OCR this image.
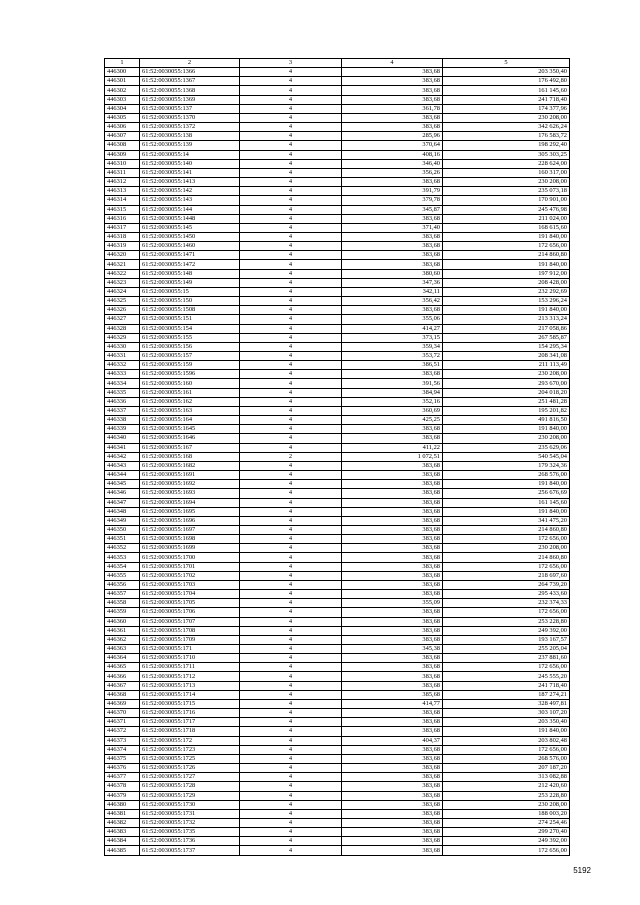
1	2	3	4	5
446300	61:52:0030055:1366	4	383,68	203 350,40
446301	61:52:0030055:1367	4	383,68	176 492,80
446302	61:52:0030055:1368	4	383,68	161 145,60
446303	61:52:0030055:1369	4	383,68	241 718,40
446304	61:52:0030055:137	4	361,78	174 377,96
446305	61:52:0030055:1370	4	383,68	230 208,00
446306	61:52:0030055:1372	4	383,68	342 626,24
446307	61:52:0030055:138	4	285,96	176 583,72
446308	61:52:0030055:139	4	370,64	198 292,40
446309	61:52:0030055:14	4	408,16	305 303,25
446310	61:52:0030055:140	4	346,40	228 624,00
446311	61:52:0030055:141	4	356,26	160 317,00
446312	61:52:0030055:1413	4	383,68	230 208,00
446313	61:52:0030055:142	4	391,79	235 073,18
446314	61:52:0030055:143	4	379,78	170 901,00
446315	61:52:0030055:144	4	345,87	245 476,98
446316	61:52:0030055:1448	4	383,68	211 024,00
446317	61:52:0030055:145	4	371,40	168 615,60
446318	61:52:0030055:1450	4	383,68	191 840,00
446319	61:52:0030055:1460	4	383,68	172 656,00
446320	61:52:0030055:1471	4	383,68	214 860,80
446321	61:52:0030055:1472	4	383,68	191 840,00
446322	61:52:0030055:148	4	380,60	197 912,00
446323	61:52:0030055:149	4	347,36	208 428,00
446324	61:52:0030055:15	4	342,11	232 292,69
446325	61:52:0030055:150	4	356,42	153 296,24
446326	61:52:0030055:1508	4	383,68	191 840,00
446327	61:52:0030055:151	4	355,06	213 313,24
446328	61:52:0030055:154	4	414,27	217 058,86
446329	61:52:0030055:155	4	373,15	267 585,87
446330	61:52:0030055:156	4	359,34	154 295,34
446331	61:52:0030055:157	4	353,72	208 341,08
446332	61:52:0030055:159	4	386,51	211 113,49
446333	61:52:0030055:1596	4	383,68	230 208,00
446334	61:52:0030055:160	4	391,56	293 670,00
446335	61:52:0030055:161	4	384,94	204 018,20
446336	61:52:0030055:162	4	352,16	251 481,28
446337	61:52:0030055:163	4	360,69	195 201,82
446338	61:52:0030055:164	4	425,25	491 816,50
446339	61:52:0030055:1645	4	383,68	191 840,00
446340	61:52:0030055:1646	4	383,68	230 208,00
446341	61:52:0030055:167	4	411,22	235 629,06
446342	61:52:0030055:168	2	1 072,51	540 545,04
446343	61:52:0030055:1682	4	383,68	179 324,36
446344	61:52:0030055:1691	4	383,68	268 576,00
446345	61:52:0030055:1692	4	383,68	191 840,00
446346	61:52:0030055:1693	4	383,68	256 676,69
446347	61:52:0030055:1694	4	383,68	161 145,60
446348	61:52:0030055:1695	4	383,68	191 840,00
446349	61:52:0030055:1696	4	383,68	341 475,20
446350	61:52:0030055:1697	4	383,68	214 860,80
446351	61:52:0030055:1698	4	383,68	172 656,00
446352	61:52:0030055:1699	4	383,68	230 208,00
446353	61:52:0030055:1700	4	383,68	214 860,80
446354	61:52:0030055:1701	4	383,68	172 656,00
446355	61:52:0030055:1702	4	383,68	218 697,60
446356	61:52:0030055:1703	4	383,68	264 739,20
446357	61:52:0030055:1704	4	383,68	295 433,60
446358	61:52:0030055:1705	4	355,09	232 374,33
446359	61:52:0030055:1706	4	383,68	172 656,00
446360	61:52:0030055:1707	4	383,68	253 228,80
446361	61:52:0030055:1708	4	383,68	249 392,00
446362	61:52:0030055:1709	4	383,68	193 167,57
446363	61:52:0030055:171	4	345,38	255 205,04
446364	61:52:0030055:1710	4	383,68	237 881,60
446365	61:52:0030055:1711	4	383,68	172 656,00
446366	61:52:0030055:1712	4	383,68	245 555,20
446367	61:52:0030055:1713	4	383,68	241 718,40
446368	61:52:0030055:1714	4	385,68	187 274,21
446369	61:52:0030055:1715	4	414,77	328 497,81
446370	61:52:0030055:1716	4	383,68	303 107,20
446371	61:52:0030055:1717	4	383,68	203 350,40
446372	61:52:0030055:1718	4	383,68	191 840,00
446373	61:52:0030055:172	4	404,37	203 802,48
446374	61:52:0030055:1723	4	383,68	172 656,00
446375	61:52:0030055:1725	4	383,68	268 576,00
446376	61:52:0030055:1726	4	383,68	207 187,20
446377	61:52:0030055:1727	4	383,68	313 082,88
446378	61:52:0030055:1728	4	383,68	212 420,60
446379	61:52:0030055:1729	4	383,68	253 228,80
446380	61:52:0030055:1730	4	383,68	230 208,00
446381	61:52:0030055:1731	4	383,68	188 003,20
446382	61:52:0030055:1732	4	383,68	274 254,46
446383	61:52:0030055:1735	4	383,68	299 270,40
446384	61:52:0030055:1736	4	383,68	249 392,00
446385	61:52:0030055:1737	4	383,68	172 656,00
5192
